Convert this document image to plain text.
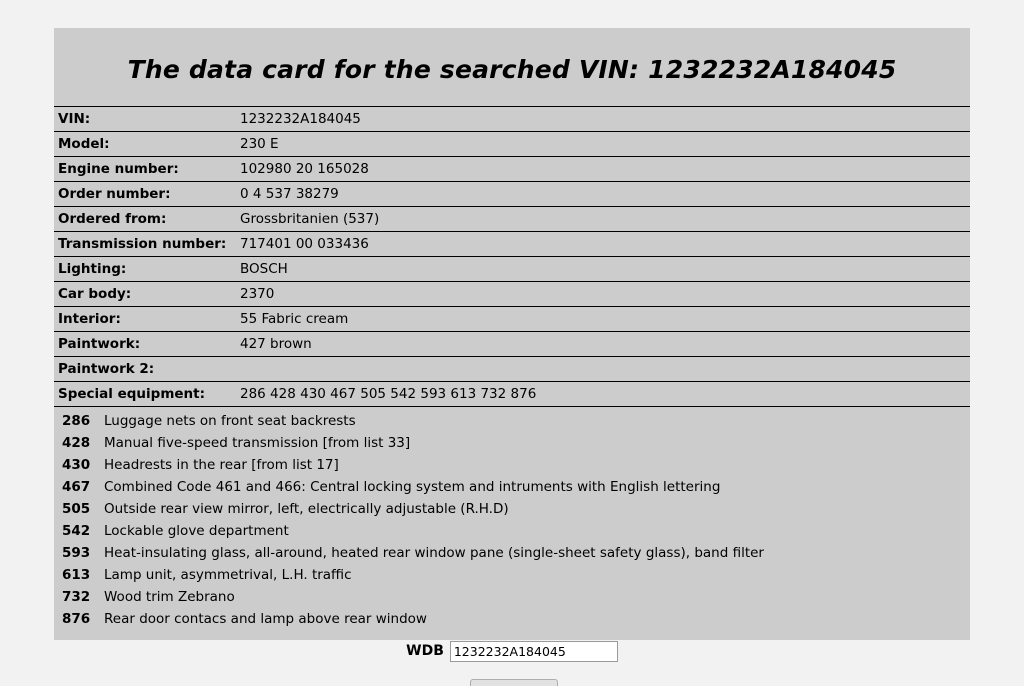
The data card for the searched VIN: 1232232A184045
VIN:	1232232A184045
Model:	230 E
Engine number:	102980 20 165028
Order number:	0 4 537 38279
Ordered from:	Grossbritanien (537)
Transmission number:	717401 00 033436
Lighting:	BOSCH
Car body:	2370
Interior:	55 Fabric cream
Paintwork:	427 brown
Paintwork 2:	
Special equipment:	286 428 430 467 505 542 593 613 732 876

286	Luggage nets on front seat backrests
428	Manual five-speed transmission [from list 33]
430	Headrests in the rear [from list 17]
467	Combined Code 461 and 466: Central locking system and intruments with English lettering
505	Outside rear view mirror, left, electrically adjustable (R.H.D)
542	Lockable glove department
593	Heat-insulating glass, all-around, heated rear window pane (single-sheet safety glass), band filter
613	Lamp unit, asymmetrival, L.H. traffic
732	Wood trim Zebrano
876	Rear door contacs and lamp above rear window
WDB
1232232A184045
